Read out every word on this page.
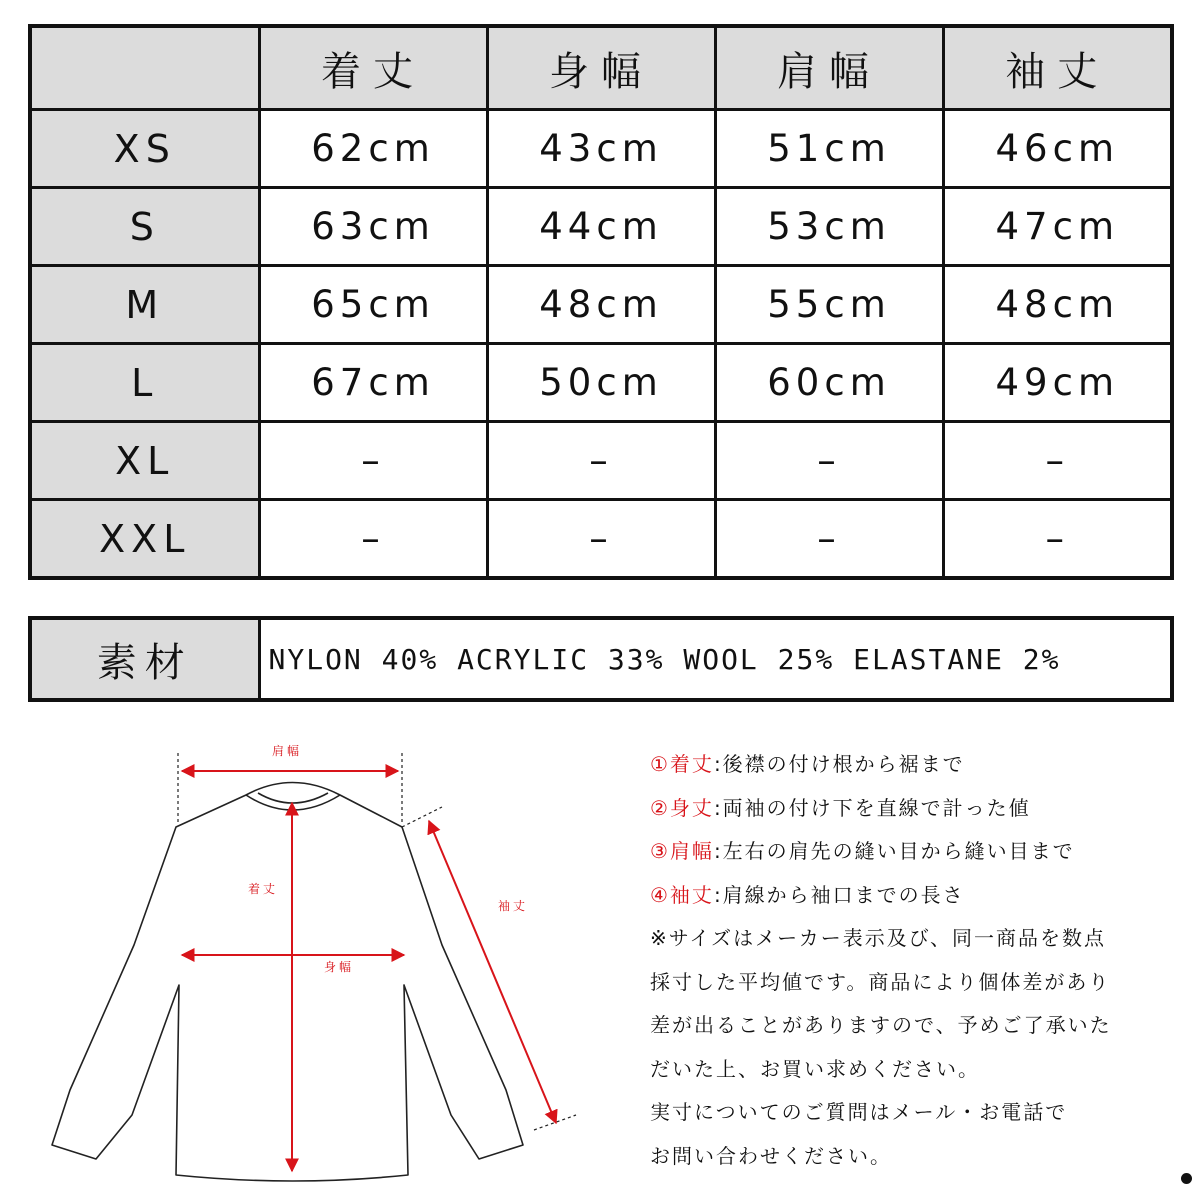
	着丈	身幅	肩幅	袖丈
XS	62cm	43cm	51cm	46cm
S	63cm	44cm	53cm	47cm
M	65cm	48cm	55cm	48cm
L	67cm	50cm	60cm	49cm
XL	–	–	–	–
XXL	–	–	–	–
素材	NYLON 40% ACRYLIC 33% WOOL 25% ELASTANE 2%
肩幅
着丈
身幅
袖丈
①着丈:後襟の付け根から裾まで
②身丈:両袖の付け下を直線で計った値
③肩幅:左右の肩先の縫い目から縫い目まで
④袖丈:肩線から袖口までの長さ
※サイズはメーカー表示及び、同一商品を数点
採寸した平均値です。商品により個体差があり
差が出ることがありますので、予めご了承いた
だいた上、お買い求めください。
実寸についてのご質問はメール・お電話で
お問い合わせください。
